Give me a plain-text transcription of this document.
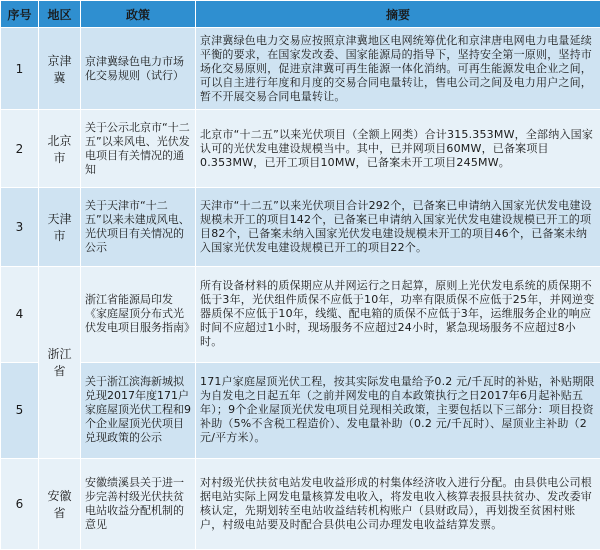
序号	地区	政策	摘要
1	京津冀	京津冀绿色电力市场化交易规则（试行）	京津冀绿色电力交易应按照京津冀地区电网统筹优化和京津唐电网电力电量延续平衡的要求，在国家发改委、国家能源局的指导下，坚持安全第一原则，坚持市场化交易原则，促进京津冀可再生能源一体化消纳。可再生能源发电企业之间，可以自主进行年度和月度的交易合同电量转让，售电公司之间及电力用户之间，暂不开展交易合同电量转让。
2	北京市	关于公示北京市“十二五”以来风电、光伏发电项目有关情况的通知	北京市“十二五”以来光伏项目（全额上网类）合计315.353MW，全部纳入国家认可的光伏发电建设规模当中。其中，已并网项目60MW，已备案项目0.353MW，已开工项目10MW，已备案未开工项目245MW。
3	天津市	关于天津市“十二五”以来未建成风电、光伏项目有关情况的公示	天津市“十二五”以来光伏项目合计292个，已备案已申请纳入国家光伏发电建设规模未开工的项目142个，已备案已申请纳入国家光伏发电建设规模已开工的项目82个，已备案未纳入国家光伏发电建设规模未开工的项目46个，已备案未纳入国家光伏发电建设规模已开工的项目22个。
4	浙江省	浙江省能源局印发《家庭屋顶分布式光伏发电项目服务指南》	所有设备材料的质保期应从并网运行之日起算，原则上光伏发电系统的质保期不低于3年，光伏组件质保不应低于10年，功率有限质保不应低于25年，并网逆变器质保不应低于10年，线缆、配电箱的质保不应低于3年，运维服务企业的响应时间不应超过1小时，现场服务不应超过24小时，紧急现场服务不应超过8小时。
5		关于浙江滨海新城拟兑现2017年度171户家庭屋顶光伏工程和9个企业屋顶光伏项目兑现政策的公示	171户家庭屋顶光伏工程，按其实际发电量给予0.2 元/千瓦时的补贴，补贴期限为自发电之日起五年（之前并网发电的自本政策执行之日2017年6月起补贴五年）；9个企业屋顶光伏发电项目兑现相关政策，主要包括以下三部分：项目投资补助（5%不含税工程造价）、发电量补助（0.2 元/千瓦时）、屋顶业主补助（2元/平方米）。
6	安徽省	安徽绩溪县关于进一步完善村级光伏扶贫电站收益分配机制的意见	对村级光伏扶贫电站发电收益形成的村集体经济收入进行分配。由县供电公司根据电站实际上网发电量核算发电收入，将发电收入核算表报县扶贫办、发改委审核认定，先期划转至电站收益结转机构账户（县财政局），再划拨至贫困村账户，村级电站要及时配合县供电公司办理发电收益结算发票。
